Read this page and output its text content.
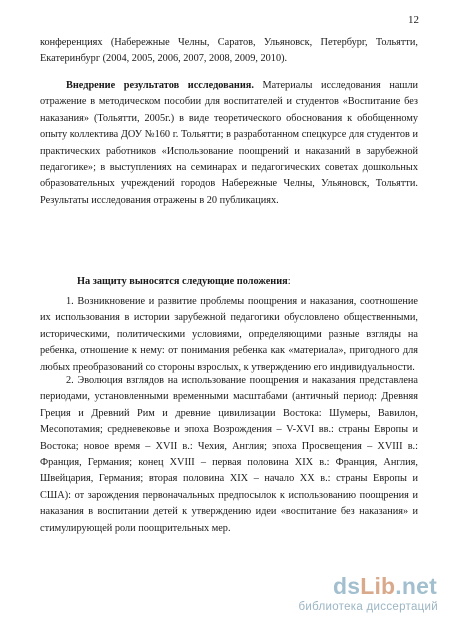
12

конференциях (Набережные Челны, Саратов, Ульяновск, Петербург, Тольятти, Екатеринбург (2004, 2005, 2006, 2007, 2008, 2009, 2010).

Внедрение результатов исследования. Материалы исследования нашли отражение в методическом пособии для воспитателей и студентов «Воспитание без наказания» (Тольятти, 2005г.) в виде теоретического обоснования к обобщенному опыту коллектива ДОУ №160 г. Тольятти; в разработанном спецкурсе для студентов и практических работников «Использование поощрений и наказаний в зарубежной педагогике»; в выступлениях на семинарах и педагогических советах дошкольных образовательных учреждений городов Набережные Челны, Ульяновск, Тольятти. Результаты исследования отражены в 20 публикациях.

На защиту выносятся следующие положения:

1. Возникновение и развитие проблемы поощрения и наказания, соотношение их использования в истории зарубежной педагогики обусловлено общественными, историческими, политическими условиями, определяющими разные взгляды на ребенка, отношение к нему: от понимания ребенка как «материала», пригодного для любых преобразований со стороны взрослых, к утверждению его индивидуальности.

2. Эволюция взглядов на использование поощрения и наказания представлена периодами, установленными временными масштабами (античный период: Древняя Греция и Древний Рим и древние цивилизации Востока: Шумеры, Вавилон, Месопотамия; средневековье и эпоха Возрождения – V-XVI вв.: страны Европы и Востока; новое время – XVII в.: Чехия, Англия; эпоха Просвещения – XVIII в.: Франция, Германия; конец XVIII – первая половина XIX в.: Франция, Англия, Швейцария, Германия; вторая половина XIX – начало XX в.: страны Европы и США): от зарождения первоначальных предпосылок к использованию поощрения и наказания в воспитании детей к утверждению идеи «воспитание без наказания» и стимулирующей роли поощрительных мер.

dsLib.net
библиотека диссертаций
